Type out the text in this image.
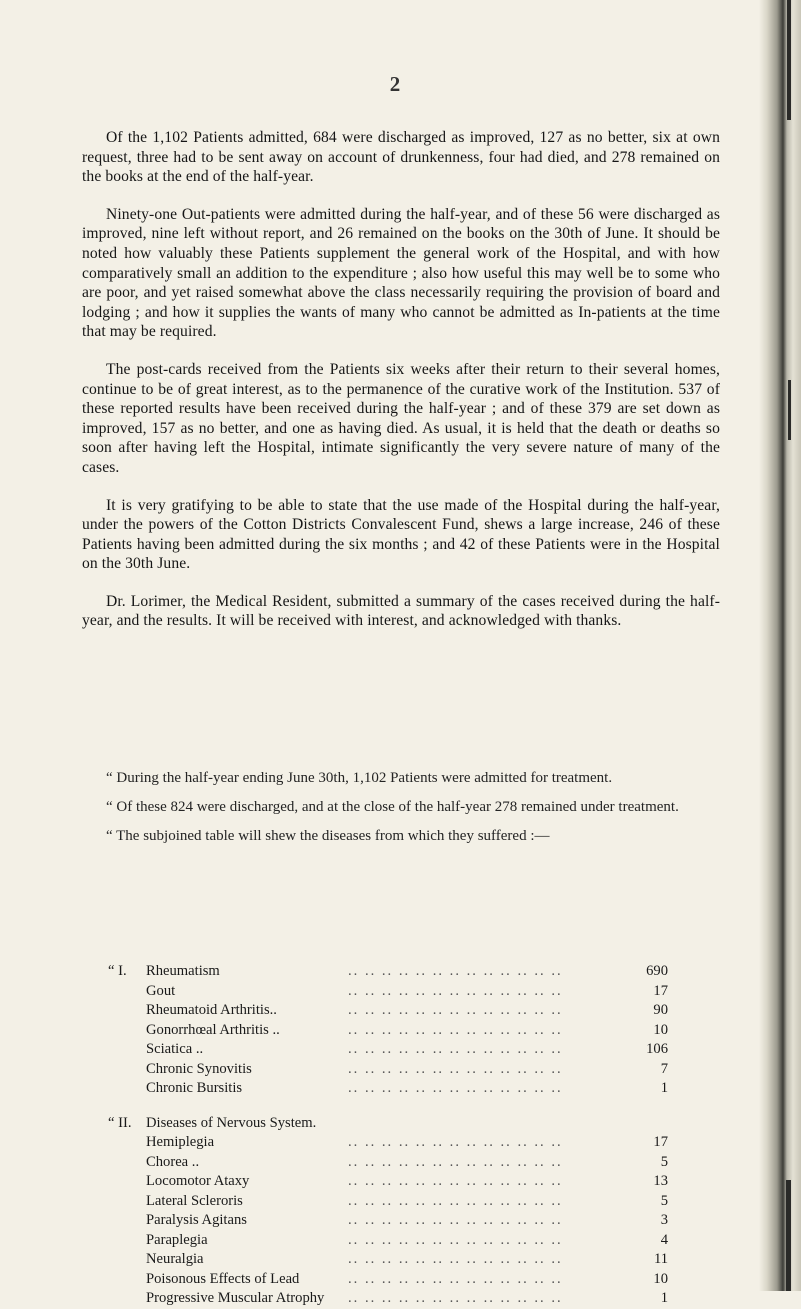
2

Of the 1,102 Patients admitted, 684 were discharged as improved, 127 as no better, six at own request, three had to be sent away on account of drunkenness, four had died, and 278 remained on the books at the end of the half-year.

Ninety-one Out-patients were admitted during the half-year, and of these 56 were discharged as improved, nine left without report, and 26 remained on the books on the 30th of June. It should be noted how valuably these Patients supplement the general work of the Hospital, and with how comparatively small an addition to the expenditure ; also how useful this may well be to some who are poor, and yet raised somewhat above the class necessarily requiring the provision of board and lodging ; and how it supplies the wants of many who cannot be admitted as In-patients at the time that may be required.

The post-cards received from the Patients six weeks after their return to their several homes, continue to be of great interest, as to the permanence of the curative work of the Institution. 537 of these reported results have been received during the half-year ; and of these 379 are set down as improved, 157 as no better, and one as having died. As usual, it is held that the death or deaths so soon after having left the Hospital, intimate significantly the very severe nature of many of the cases.

It is very gratifying to be able to state that the use made of the Hospital during the half-year, under the powers of the Cotton Districts Convalescent Fund, shews a large increase, 246 of these Patients having been admitted during the six months ; and 42 of these Patients were in the Hospital on the 30th June.

Dr. Lorimer, the Medical Resident, submitted a summary of the cases received during the half-year, and the results. It will be received with interest, and acknowledged with thanks.

“ During the half-year ending June 30th, 1,102 Patients were admitted for treatment.

“ Of these 824 were discharged, and at the close of the half-year 278 remained under treatment.

“ The subjoined table will shew the diseases from which they suffered :—

“ I. Rheumatism	.. .. .. .. .. .. .. .. .. .. .. .. ..	690
Gout	.. .. .. .. .. .. .. .. .. .. .. .. ..	17
Rheumatoid Arthritis..	.. .. .. .. .. .. .. .. .. .. .. .. ..	90
Gonorrhœal Arthritis ..	.. .. .. .. .. .. .. .. .. .. .. .. ..	10
Sciatica ..	.. .. .. .. .. .. .. .. .. .. .. .. ..	106
Chronic Synovitis	.. .. .. .. .. .. .. .. .. .. .. .. ..	7
Chronic Bursitis	.. .. .. .. .. .. .. .. .. .. .. .. ..	1
“ II. Diseases of Nervous System.
Hemiplegia	.. .. .. .. .. .. .. .. .. .. .. .. ..	17
Chorea ..	.. .. .. .. .. .. .. .. .. .. .. .. ..	5
Locomotor Ataxy	.. .. .. .. .. .. .. .. .. .. .. .. ..	13
Lateral Scleroris	.. .. .. .. .. .. .. .. .. .. .. .. ..	5
Paralysis Agitans	.. .. .. .. .. .. .. .. .. .. .. .. ..	3
Paraplegia	.. .. .. .. .. .. .. .. .. .. .. .. ..	4
Neuralgia	.. .. .. .. .. .. .. .. .. .. .. .. ..	11
Poisonous Effects of Lead	.. .. .. .. .. .. .. .. .. .. .. .. ..	10
Progressive Muscular Atrophy .. .. .. .. .. .. .. .. .. .. .. .. ..	1
